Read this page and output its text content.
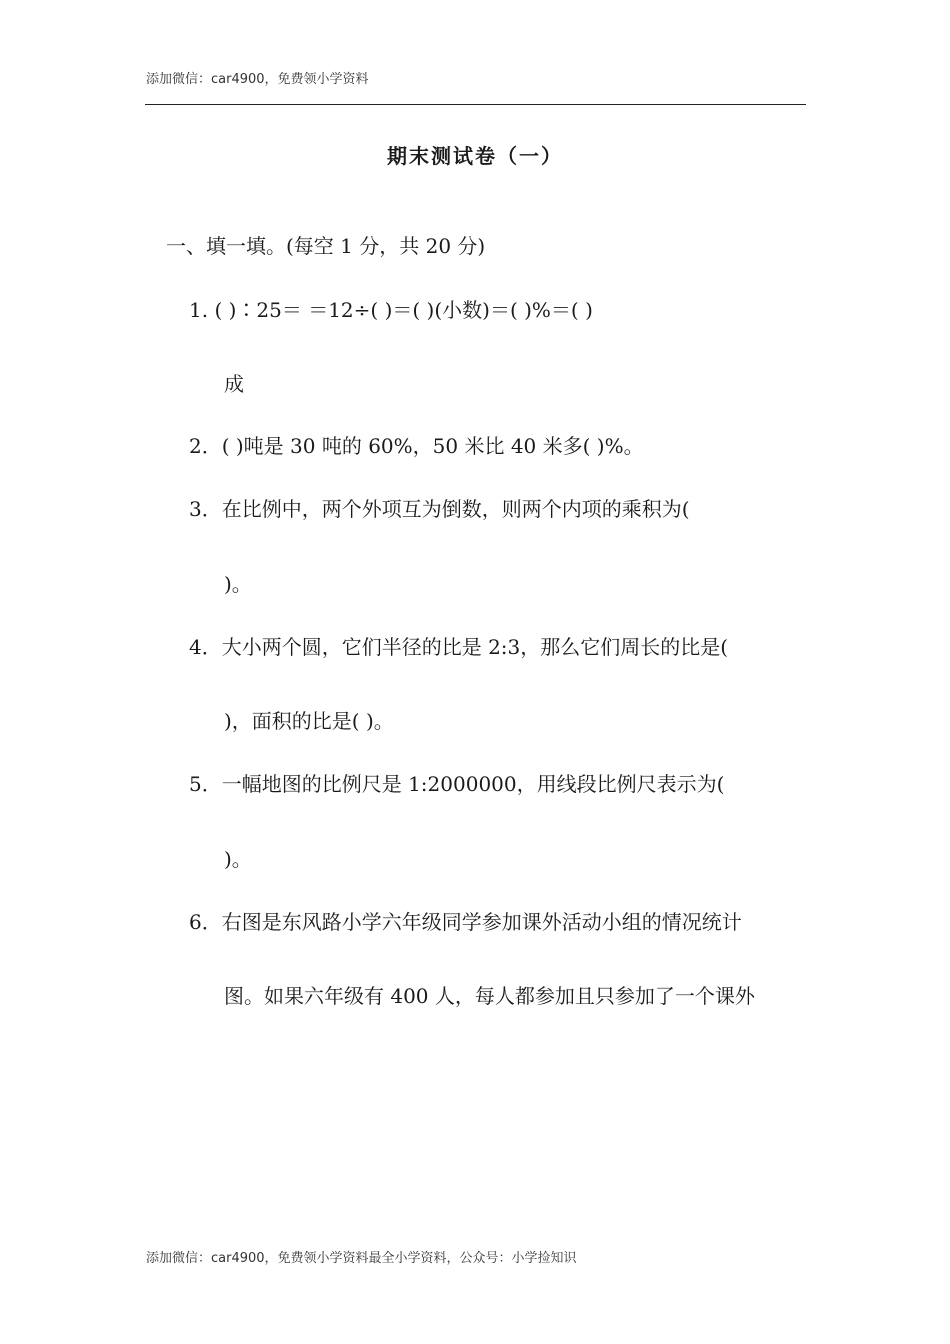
添加微信：car4900，免费领小学资料
期末测试卷（一）
一、填一填。(每空 1 分，共 20 分)
1. ( )∶25＝ ＝12÷( )＝( )(小数)＝( )%＝( )
成
2．( )吨是 30 吨的 60%，50 米比 40 米多( )%。
3．在比例中，两个外项互为倒数，则两个内项的乘积为(
)。
4．大小两个圆，它们半径的比是 2:3，那么它们周长的比是(
)，面积的比是( )。
5．一幅地图的比例尺是 1:2000000，用线段比例尺表示为(
)。
6．右图是东风路小学六年级同学参加课外活动小组的情况统计
图。如果六年级有 400 人，每人都参加且只参加了一个课外
添加微信：car4900，免费领小学资料最全小学资料，公众号：小学捡知识
